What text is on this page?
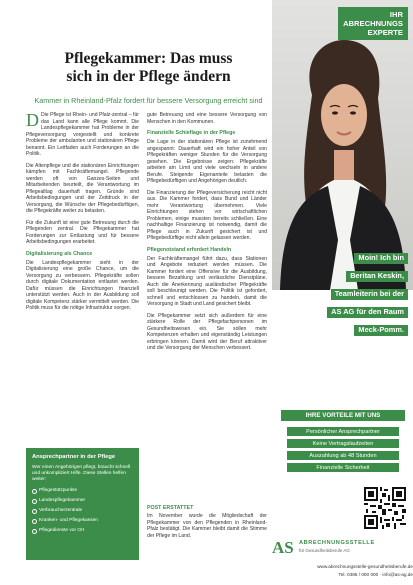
Pflegekammer: Das muss
sich in der Pflege ändern
Kammer in Rheinland-Pfalz fordert für bessere Versorgung erreicht sind

D Die Pflege ist Rhein- und Pfalz-zentral – für das Land kann alle Pflege kommt. Die Landespflegekammer hat Probleme in der Pflegeversorgung vorgestellt und konkrete Probleme der ambulanten und stationären Pflege benannt. Ein Leitfaden auch Forderungen an die Politik.

Die Altenpflege und die stationären Einrichtungen kämpfen mit Fachkräftemangel. Pflegende werden oft von Ganzes-Seiten und Mitarbeitenden beurteilt, die Verantwortung im Pflegealltag dauerhaft tragen. Gründe sind Arbeitsbedingungen und der Zeitdruck in der Versorgung, die Wünsche der Pflegebedürftigen, die Pflegekräfte weiter zu belasten.

Für die Zukunft ist eine gute Betreuung durch die Pflegenden zentral. Die Pflegekammer hat Forderungen zur Entlastung und für bessere Arbeitsbedingungen erarbeitet.

Digitalisierung als Chance

Die Landespflegekammer sieht in der Digitalisierung eine große Chance, um die Versorgung zu verbessern. Pflegekräfte sollen durch digitale Dokumentation entlastet werden. Dafür müssen die Einrichtungen finanziell unterstützt werden. Auch in der Ausbildung soll digitale Kompetenz stärker vermittelt werden. Die Politik muss für die nötige Infrastruktur sorgen.

Ansprechpartner in der Pflege
Wer einen Angehörigen pflegt, braucht schnell und unkompliziert Hilfe. Diese Stellen helfen weiter:
Pflegestützpunkte
Landespflegekammer
Verbraucherzentrale
Kranken- und Pflegekassen
Pflegedienste vor Ort

gute Betreuung und eine bessere Versorgung von Menschen in den Kommunen.

Finanzielle Schieflage in der Pflege

Die Lage in der stationären Pflege ist zunehmend angespannt: Dauerhaft wird ein hoher Anteil von Pflegekräften weniger Stunden für die Versorgung gesehen. Die Ergebnisse zeigen: Pflegekräfte arbeiten am Limit und viele wechseln in andere Berufe. Steigende Eigenanteile belasten die Pflegebedürftigen und Angehörigen deutlich.

Die Finanzierung der Pflegeversicherung reicht nicht aus. Die Kammer fordert, dass Bund und Länder mehr Verantwortung übernehmen. Viele Einrichtungen stehen vor wirtschaftlichen Problemen, einige mussten bereits schließen. Eine nachhaltige Finanzierung ist notwendig, damit die Pflege auch in Zukunft gesichert ist und Pflegebedürftige nicht allein gelassen werden.

Pflegenotstand erfordert Handeln

Der Fachkräftemangel führt dazu, dass Stationen und Angebote reduziert werden müssen. Die Kammer fordert eine Offensive für die Ausbildung, bessere Bezahlung und verlässliche Dienstpläne. Auch die Anerkennung ausländischer Pflegekräfte soll beschleunigt werden. Die Politik ist gefordert, schnell und entschlossen zu handeln, damit die Versorgung in Stadt und Land gesichert bleibt.

Die Pflegekammer setzt sich außerdem für eine stärkere Rolle der Pflegefachpersonen im Gesundheitswesen ein. Sie sollen mehr Kompetenzen erhalten und eigenständig Leistungen erbringen können. Damit wird der Beruf attraktiver und die Versorgung der Menschen verbessert.

POST ERSTATTET

Im November wurde die Mitgliedschaft der Pflegekammer von den Pflegenden in Rheinland-Pfalz bestätigt. Die Kammer bleibt damit die Stimme der Pflege im Land.

IHR
ABRECHNUNGS
EXPERTE
Moin! Ich bin
Beritan Keskin,
Teamleiterin bei der
AS AG für den Raum
Meck-Pomm.
IHRE VORTEILE MIT UNS
Persönlicher Ansprechpartner
Keine Vertragslaufzeiten
Auszahlung ab 48 Stunden
Finanzielle Sicherheit
AS ABRECHNUNGSSTELLE
für Gesundheitsberufe AG
www.abrechnungsstelle-gesundheitsberufe.de
Tel. 0385 / 000 000 · info@as-ag.de
